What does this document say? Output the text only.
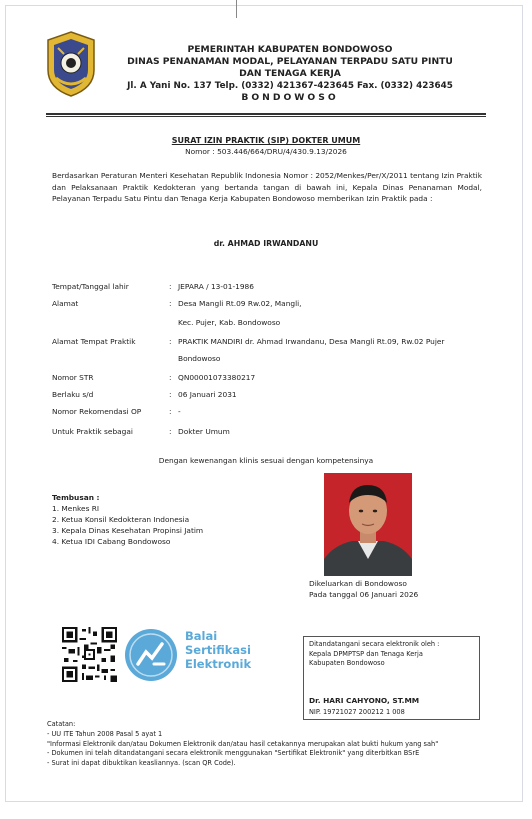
PEMERINTAH KABUPATEN BONDOWOSO
DINAS PENANAMAN MODAL, PELAYANAN TERPADU SATU PINTU
DAN TENAGA KERJA
Jl. A Yani No. 137 Telp. (0332) 421367-423645 Fax. (0332) 423645
BONDOWOSO
SURAT IZIN PRAKTIK (SIP) DOKTER UMUM
Nomor : 503.446/664/DRU/4/430.9.13/2026
Berdasarkan Peraturan Menteri Kesehatan Republik Indonesia Nomor : 2052/Menkes/Per/X/2011 tentang Izin Praktik dan Pelaksanaan Praktik Kedokteran yang bertanda tangan di bawah ini, Kepala Dinas Penanaman Modal, Pelayanan Terpadu Satu Pintu dan Tenaga Kerja Kabupaten Bondowoso memberikan Izin Praktik pada :
dr. AHMAD IRWANDANU
Tempat/Tanggal lahir	: JEPARA / 13-01-1986
Alamat	: Desa Mangli Rt.09 Rw.02, Mangli,
Kec. Pujer, Kab. Bondowoso
Alamat Tempat Praktik	: PRAKTIK MANDIRI dr. Ahmad Irwandanu, Desa Mangli Rt.09, Rw.02 Pujer
Bondowoso
Nomor STR	: QN00001073380217
Berlaku s/d	: 06 Januari 2031
Nomor Rekomendasi OP	: -
Untuk Praktik sebagai	: Dokter Umum
Dengan kewenangan klinis sesuai dengan kompetensinya
Tembusan :
1. Menkes RI
2. Ketua Konsil Kedokteran Indonesia
3. Kepala Dinas Kesehatan Propinsi Jatim
4. Ketua IDI Cabang Bondowoso
Dikeluarkan di Bondowoso
Pada tanggal 06 Januari 2026
Balai
Sertifikasi
Elektronik
Ditandatangani secara elektronik oleh :
Kepala DPMPTSP dan Tenaga Kerja
Kabupaten Bondowoso
Dr. HARI CAHYONO, ST.MM
NIP. 19721027 200212 1 008
Catatan:
- UU ITE Tahun 2008 Pasal 5 ayat 1
"Informasi Elektronik dan/atau Dokumen Elektronik dan/atau hasil cetakannya merupakan alat bukti hukum yang sah"
- Dokumen ini telah ditandatangani secara elektronik menggunakan "Sertifikat Elektronik" yang diterbitkan BSrE
- Surat ini dapat dibuktikan keasliannya. (scan QR Code).
